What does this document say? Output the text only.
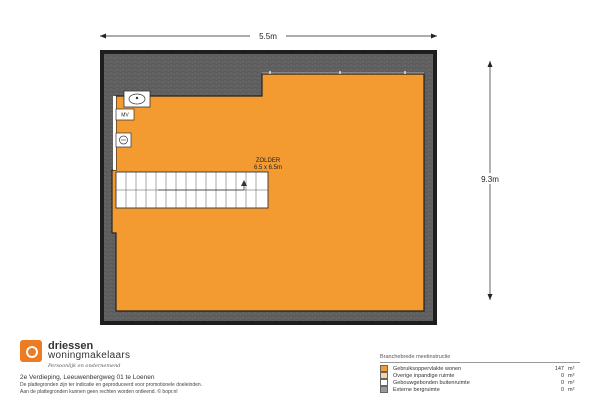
5.5m
9.3m
MV
ZOLDER
6.5 x 6.5m
driessen
woningmakelaars
Persoonlijk en ondernemend
2e Verdieping, Leeuwenbergweg 01 te Loenen
De plattegronden zijn ter indicatie en geproduceerd voor promotionele doeleinden.
Aan de plattegronden kunnen geen rechten worden ontleend. © bopr.nl
Branchebrede meetinstructie
Gebruiksoppervlakte wonen	147 m²
Overige inpandige ruimte	0 m²
Gebouwgebonden buitenruimte	0 m²
Externe bergruimte	0 m²
